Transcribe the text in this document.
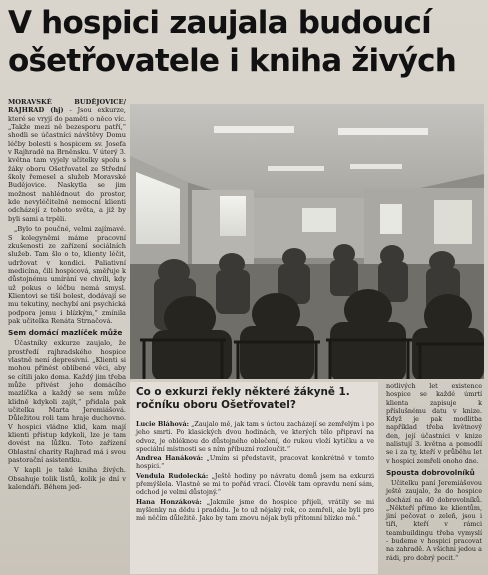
V hospici zaujala budoucí ošetřovatele i kniha živých

MORAVSKÉ BUDĚJOVICE/ RAJHRAD (hj) - Jsou exkurze, které se vryjí do paměti o něco víc. „Takže mezi ně bezesporu patří,“ shodli se účastníci návštěvy Domu léčby bolesti s hospicem sv. Josefa v Rajhradě na Brněnsku. V úterý 3. května tam vyjely učitelky spolu s žáky oboru Ošetřovatel ze Střední školy řemesel a služeb Moravské Budějovice. Naskytla se jim možnost nahlédnout do prostor, kde nevyléčitelně nemocní klienti odcházejí z tohoto světa, a již by byli sami a trpěli.

„Bylo to poučné, velmi zajímavé. S kolegyněmi máme pracovní zkušenosti ze zařízení sociálních služeb. Tam šlo o to, klienty léčit, udržovat v kondici. Paliativní medicína, čili hospicová, směřuje k důstojnému umírání ve chvíli, kdy už pokus o léčbu nemá smysl. Klientovi se tiší bolest, dodávají se mu tekutiny, nechybí ani psychická podpora jemu i blízkým,“ zmínila pak učitelka Renáta Strnačová.

Sem domácí mazlíček může

Účastníky exkurze zaujalo, že prostředí rajhradského hospice vlastně není depresivní. „Klienti si mohou přinést oblíbené věci, aby se cítili jako doma. Každý jim třeba může přivést jeho domácího mazlíčka a každý se sem může klidně kdykoli zajít,“ přidala pak učitelka Marta Jeremiášová. Důležitou roli tam hraje duchovno. V hospici vládne klid, kam mají klienti přístup kdykoli, lze je tam dovést na lůžku. Toto zařízení Oblastní charity Rajhrad má i svou pastorační asistentku.

V kapli je také kniha živých. Obsahuje tolik listů, kolik je dní v kalendáři. Během jed-

Co o exkurzi řekly některé žákyně 1. ročníku oboru Ošetřovatel?

Lucie Bláhová: „Zaujalo mě, jak tam s úctou zacházejí se zemřelým i po jeho smrti. Po klasických dvou hodinách, ve kterých tělo připraví na odvoz, je obléknou do důstojného oblečení, do rukou vloží kytičku a ve speciální místnosti se s ním příbuzní rozloučit.“

Andrea Hanáková: „Umím si představit, pracovat konkrétně v tomto hospici.“

Vendula Rudolecká: „Ještě hodiny po návratu domů jsem na exkurzi přemýšlela. Vlastně se mi to pořád vrací. Člověk tam opravdu není sám, odchod je velmi důstojný.“

Hana Honzáková: „Jakmile jsme do hospice přijeli, vrátily se mi myšlenky na dědu i pradědu. Je to už nějaký rok, co zemřeli, ale byli pro mě něčím důležitě. Jako by tam znovu nějak byli přítomní blízko mě.“

notlivých let existence hospice se každé úmrtí klienta zapisuje k příslušnému datu v knize. Když je pak modlitba například třeba květnový den, její účastníci v knize nalistují 3. května a pomodlí se i za ty, kteří v průběhu let v hospici zemřeli onoho dne.

Spousta dobrovolníků

Učitelku paní Jeremiášovou ještě zaujalo, že do hospice dochází na 40 dobrovolníků. „Někteří přímo ke klientům, jiní pečovat o zeleň, jsou i tiři, kteří v rámci teambuildingu třeba vymyslí - budeme v hospici pracovat na zahradě. A všichni jedou a rádi, pro dobrý pocit.“
